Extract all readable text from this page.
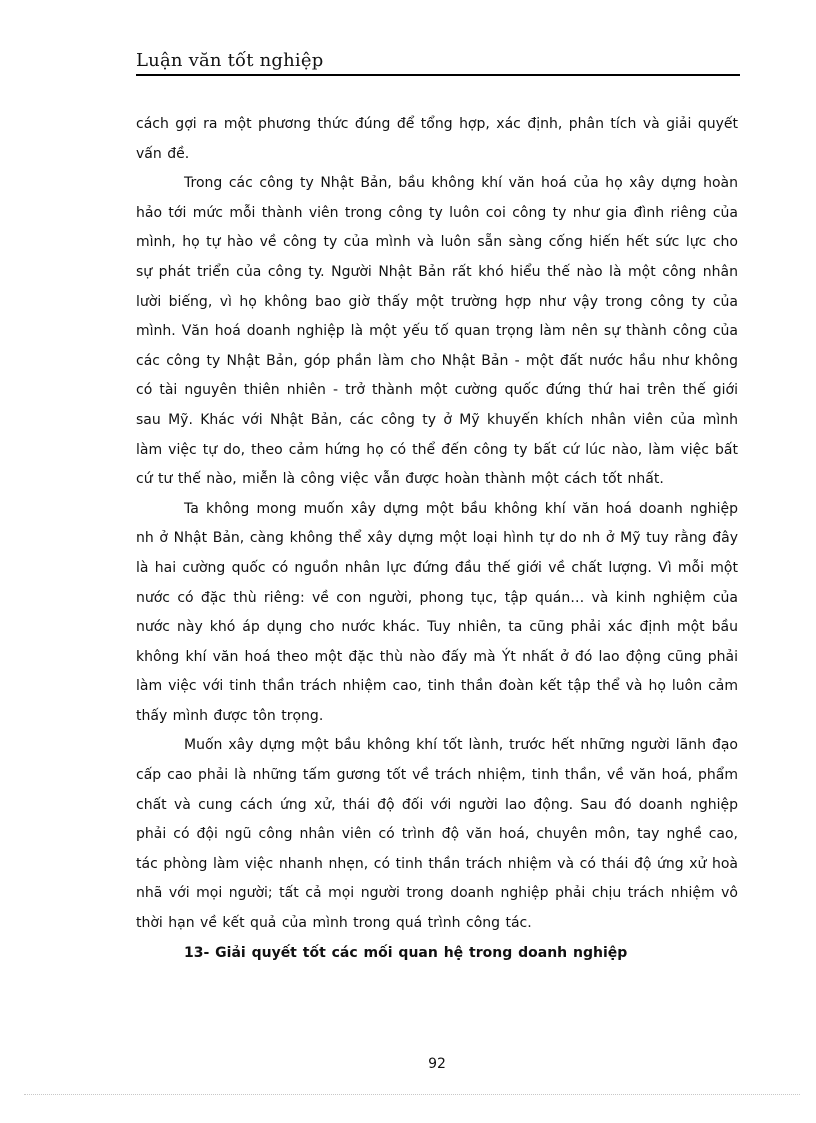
Luận văn tốt nghiệp

cách gợi ra một phương thức đúng để tổng hợp, xác định, phân tích và giải quyết vấn đề.

Trong các công ty Nhật Bản, bầu không khí văn hoá của họ xây dựng hoàn hảo tới mức mỗi thành viên trong công ty luôn coi công ty như gia đình riêng của mình, họ tự hào về công ty của mình và luôn sẵn sàng cống hiến hết sức lực cho sự phát triển của công ty. Người Nhật Bản rất khó hiểu thế nào là một công nhân lười biếng, vì họ không bao giờ thấy một trường hợp như vậy trong công ty của mình. Văn hoá doanh nghiệp là một yếu tố quan trọng làm nên sự thành công của các công ty Nhật Bản, góp phần làm cho Nhật Bản - một đất nước hầu như không có tài nguyên thiên nhiên - trở thành một cường quốc đứng thứ hai trên thế giới sau Mỹ. Khác với Nhật Bản, các công ty ở Mỹ khuyến khích nhân viên của mình làm việc tự do, theo cảm hứng họ có thể đến công ty bất cứ lúc nào, làm việc bất cứ tư thế nào, miễn là công việc vẫn được hoàn thành một cách tốt nhất.

Ta không mong muốn xây dựng một bầu không khí văn hoá doanh nghiệp nh ở Nhật Bản, càng không thể xây dựng một loại hình tự do nh ở Mỹ tuy rằng đây là hai cường quốc có nguồn nhân lực đứng đầu thế giới về chất lượng. Vì mỗi một nước có đặc thù riêng: về con người, phong tục, tập quán… và kinh nghiệm của nước này khó áp dụng cho nước khác. Tuy nhiên, ta cũng phải xác định một bầu không khí văn hoá theo một đặc thù nào đấy mà Ýt nhất ở đó lao động cũng phải làm việc với tinh thần trách nhiệm cao, tinh thần đoàn kết tập thể và họ luôn cảm thấy mình được tôn trọng.

Muốn xây dựng một bầu không khí tốt lành, trước hết những người lãnh đạo cấp cao phải là những tấm gương tốt về trách nhiệm, tinh thần, về văn hoá, phẩm chất và cung cách ứng xử, thái độ đối với người lao động. Sau đó doanh nghiệp phải có đội ngũ công nhân viên có trình độ văn hoá, chuyên môn, tay nghề cao, tác phòng làm việc nhanh nhẹn, có tinh thần trách nhiệm và có thái độ ứng xử hoà nhã với mọi người; tất cả mọi người trong doanh nghiệp phải chịu trách nhiệm vô thời hạn về kết quả của mình trong quá trình công tác.

13- Giải quyết tốt các mối quan hệ trong doanh nghiệp

92
